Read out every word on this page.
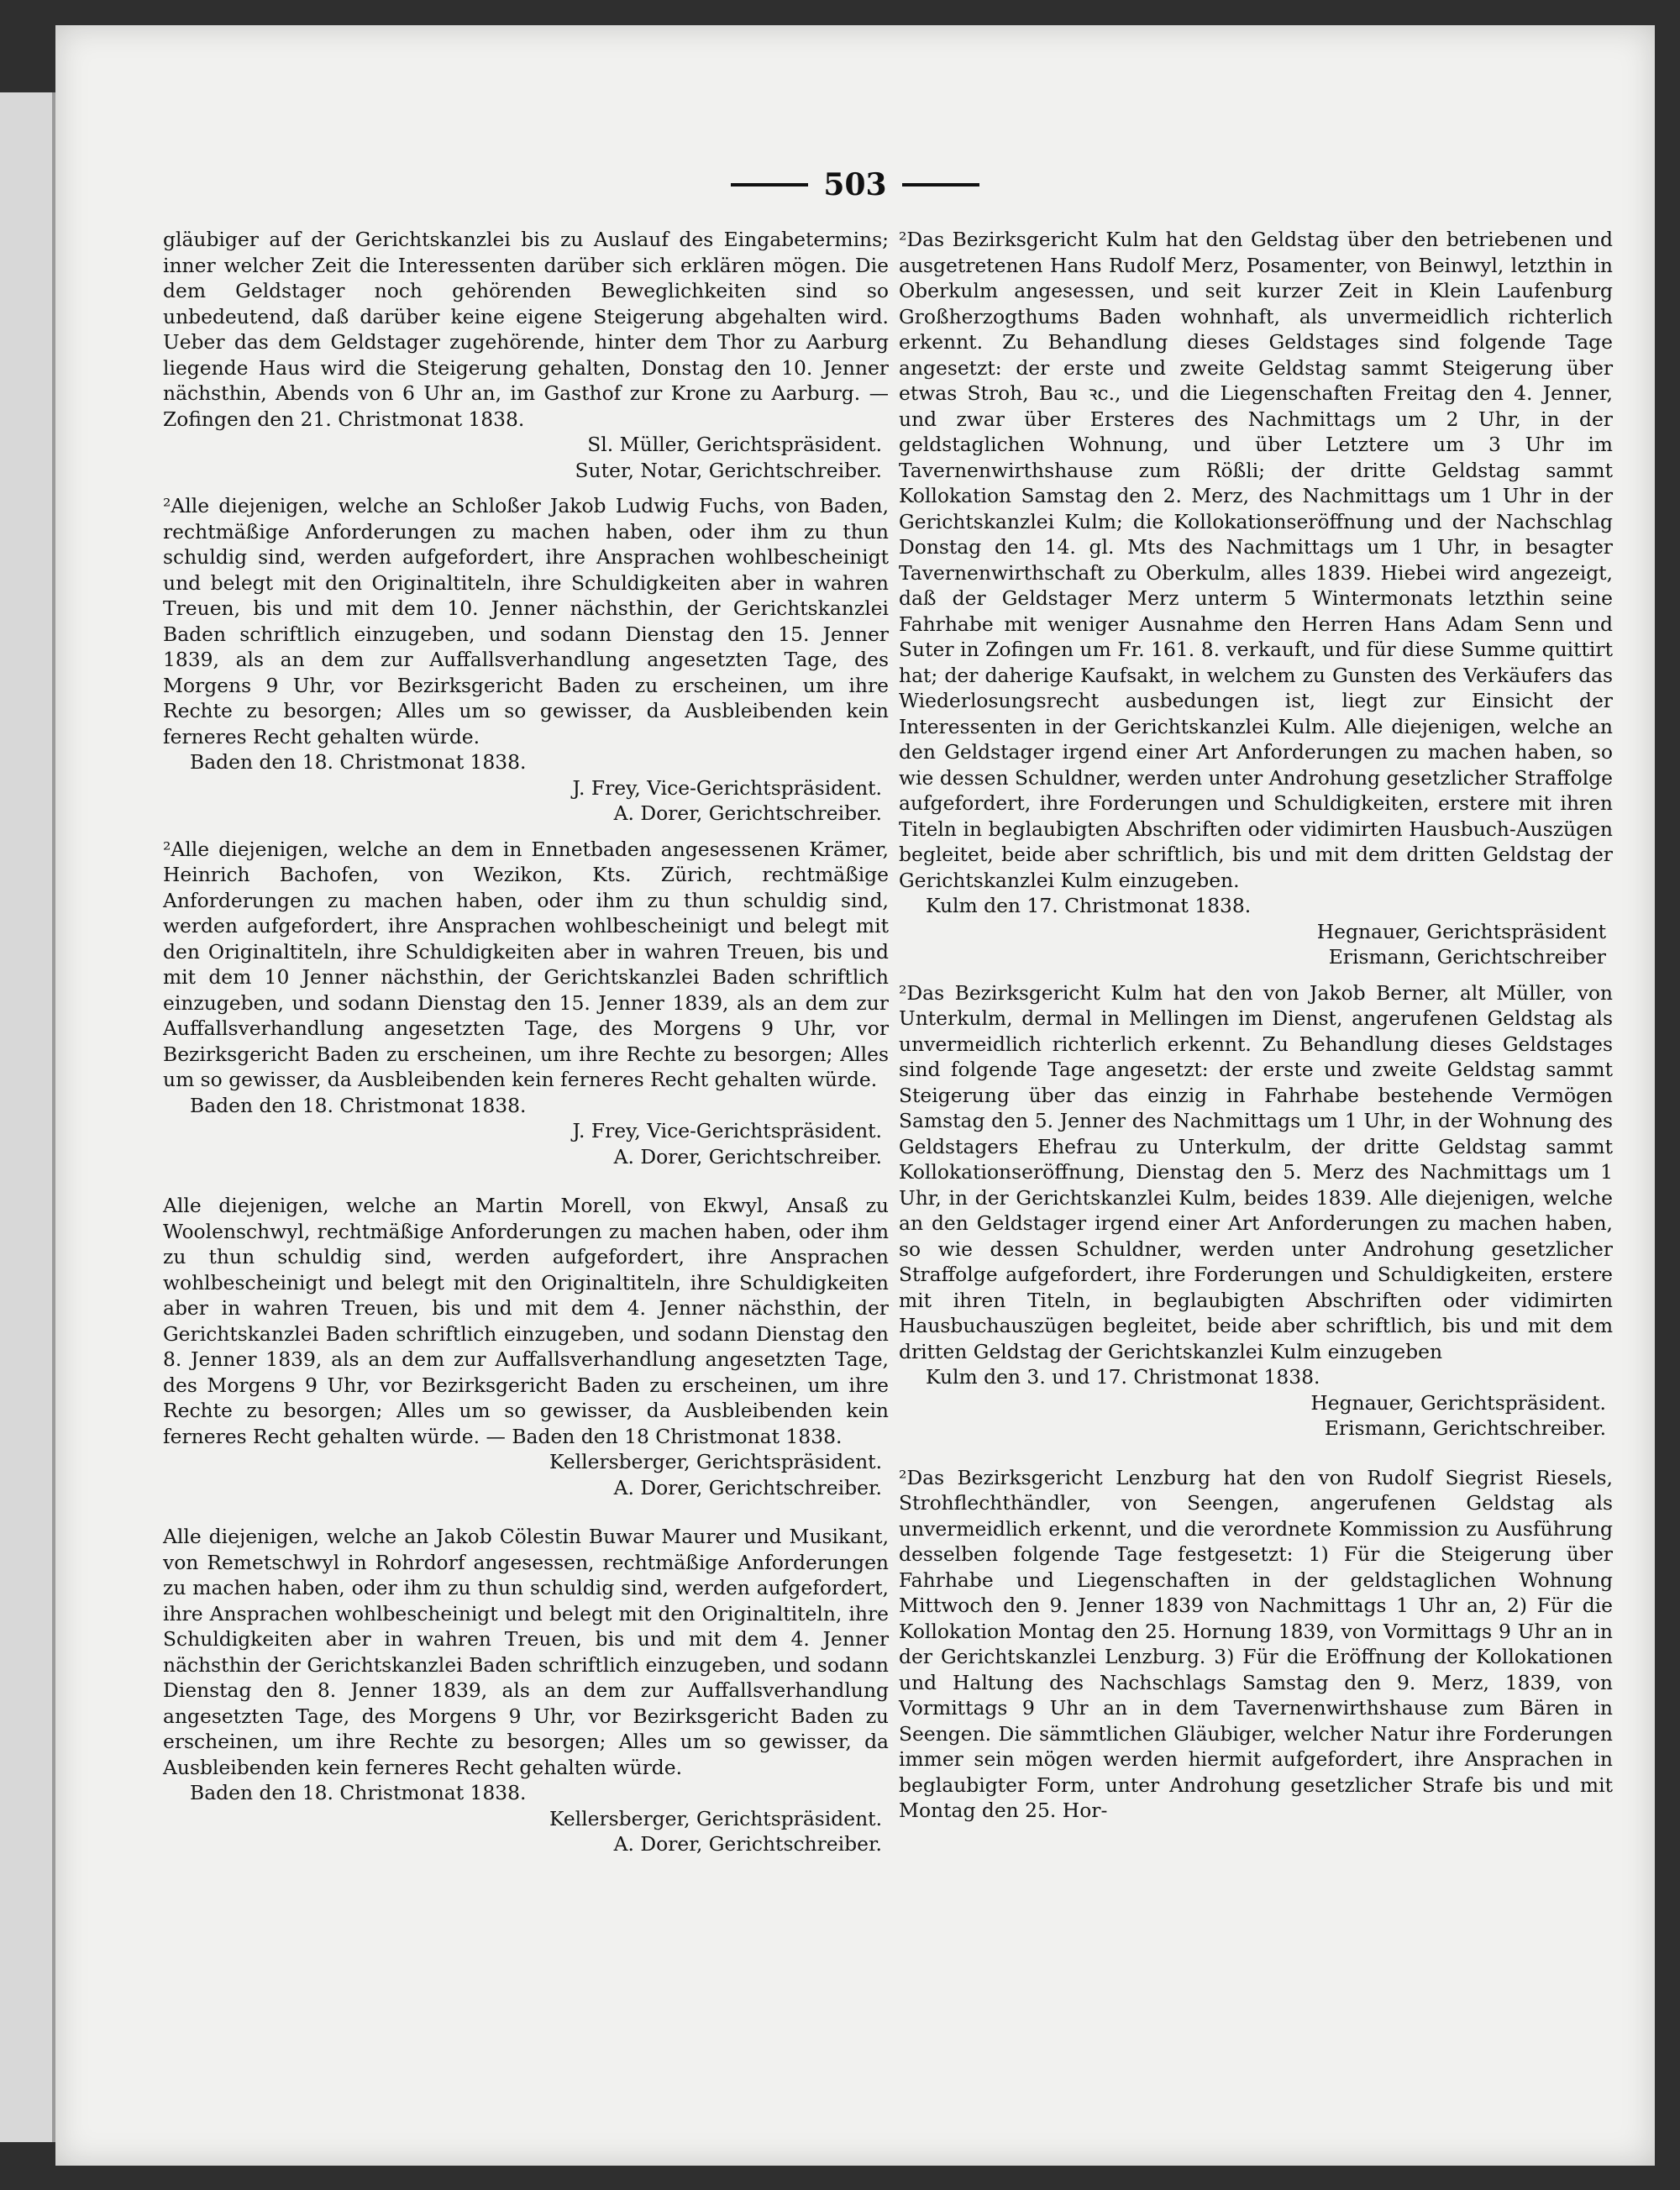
503

gläubiger auf der Gerichtskanzlei bis zu Auslauf des Eingabetermins; inner welcher Zeit die Interessenten darüber sich erklären mögen. Die dem Geldstager noch gehörenden Beweglichkeiten sind so unbedeutend, daß darüber keine eigene Steigerung abgehalten wird. Ueber das dem Geldstager zugehörende, hinter dem Thor zu Aarburg liegende Haus wird die Steigerung gehalten, Donstag den 10. Jenner nächsthin, Abends von 6 Uhr an, im Gasthof zur Krone zu Aarburg. — Zofingen den 21. Christmonat 1838.

Sl. Müller, Gerichtspräsident.

Suter, Notar, Gerichtschreiber.

²Alle diejenigen, welche an Schloßer Jakob Ludwig Fuchs, von Baden, rechtmäßige Anforderungen zu machen haben, oder ihm zu thun schuldig sind, werden aufgefordert, ihre Ansprachen wohlbescheinigt und belegt mit den Originaltiteln, ihre Schuldigkeiten aber in wahren Treuen, bis und mit dem 10. Jenner nächsthin, der Gerichtskanzlei Baden schriftlich einzugeben, und sodann Dienstag den 15. Jenner 1839, als an dem zur Auffallsverhandlung angesetzten Tage, des Morgens 9 Uhr, vor Bezirksgericht Baden zu erscheinen, um ihre Rechte zu besorgen; Alles um so gewisser, da Ausbleibenden kein ferneres Recht gehalten würde.

Baden den 18. Christmonat 1838.

J. Frey, Vice-Gerichtspräsident.

A. Dorer, Gerichtschreiber.

²Alle diejenigen, welche an dem in Ennetbaden angesessenen Krämer, Heinrich Bachofen, von Wezikon, Kts. Zürich, rechtmäßige Anforderungen zu machen haben, oder ihm zu thun schuldig sind, werden aufgefordert, ihre Ansprachen wohlbescheinigt und belegt mit den Originaltiteln, ihre Schuldigkeiten aber in wahren Treuen, bis und mit dem 10 Jenner nächsthin, der Gerichtskanzlei Baden schriftlich einzugeben, und sodann Dienstag den 15. Jenner 1839, als an dem zur Auffallsverhandlung angesetzten Tage, des Morgens 9 Uhr, vor Bezirksgericht Baden zu erscheinen, um ihre Rechte zu besorgen; Alles um so gewisser, da Ausbleibenden kein ferneres Recht gehalten würde.

Baden den 18. Christmonat 1838.

J. Frey, Vice-Gerichtspräsident.

A. Dorer, Gerichtschreiber.

Alle diejenigen, welche an Martin Morell, von Ekwyl, Ansaß zu Woolenschwyl, rechtmäßige Anforderungen zu machen haben, oder ihm zu thun schuldig sind, werden aufgefordert, ihre Ansprachen wohlbescheinigt und belegt mit den Originaltiteln, ihre Schuldigkeiten aber in wahren Treuen, bis und mit dem 4. Jenner nächsthin, der Gerichtskanzlei Baden schriftlich einzugeben, und sodann Dienstag den 8. Jenner 1839, als an dem zur Auffallsverhandlung angesetzten Tage, des Morgens 9 Uhr, vor Bezirksgericht Baden zu erscheinen, um ihre Rechte zu besorgen; Alles um so gewisser, da Ausbleibenden kein ferneres Recht gehalten würde. — Baden den 18 Christmonat 1838.

Kellersberger, Gerichtspräsident.

A. Dorer, Gerichtschreiber.

Alle diejenigen, welche an Jakob Cölestin Buwar Maurer und Musikant, von Remetschwyl in Rohrdorf angesessen, rechtmäßige Anforderungen zu machen haben, oder ihm zu thun schuldig sind, werden aufgefordert, ihre Ansprachen wohlbescheinigt und belegt mit den Originaltiteln, ihre Schuldigkeiten aber in wahren Treuen, bis und mit dem 4. Jenner nächsthin der Gerichtskanzlei Baden schriftlich einzugeben, und sodann Dienstag den 8. Jenner 1839, als an dem zur Auffallsverhandlung angesetzten Tage, des Morgens 9 Uhr, vor Bezirksgericht Baden zu erscheinen, um ihre Rechte zu besorgen; Alles um so gewisser, da Ausbleibenden kein ferneres Recht gehalten würde.

Baden den 18. Christmonat 1838.

Kellersberger, Gerichtspräsident.

A. Dorer, Gerichtschreiber.

²Das Bezirksgericht Kulm hat den Geldstag über den betriebenen und ausgetretenen Hans Rudolf Merz, Posamenter, von Beinwyl, letzthin in Oberkulm angesessen, und seit kurzer Zeit in Klein Laufenburg Großherzogthums Baden wohnhaft, als unvermeidlich richterlich erkennt. Zu Behandlung dieses Geldstages sind folgende Tage angesetzt: der erste und zweite Geldstag sammt Steigerung über etwas Stroh, Bau ꝛc., und die Liegenschaften Freitag den 4. Jenner, und zwar über Ersteres des Nachmittags um 2 Uhr, in der geldstaglichen Wohnung, und über Letztere um 3 Uhr im Tavernenwirthshause zum Rößli; der dritte Geldstag sammt Kollokation Samstag den 2. Merz, des Nachmittags um 1 Uhr in der Gerichtskanzlei Kulm; die Kollokationseröffnung und der Nachschlag Donstag den 14. gl. Mts des Nachmittags um 1 Uhr, in besagter Tavernenwirthschaft zu Oberkulm, alles 1839. Hiebei wird angezeigt, daß der Geldstager Merz unterm 5 Wintermonats letzthin seine Fahrhabe mit weniger Ausnahme den Herren Hans Adam Senn und Suter in Zofingen um Fr. 161. 8. verkauft, und für diese Summe quittirt hat; der daherige Kaufsakt, in welchem zu Gunsten des Verkäufers das Wiederlosungsrecht ausbedungen ist, liegt zur Einsicht der Interessenten in der Gerichtskanzlei Kulm. Alle diejenigen, welche an den Geldstager irgend einer Art Anforderungen zu machen haben, so wie dessen Schuldner, werden unter Androhung gesetzlicher Straffolge aufgefordert, ihre Forderungen und Schuldigkeiten, erstere mit ihren Titeln in beglaubigten Abschriften oder vidimirten Hausbuch-Auszügen begleitet, beide aber schriftlich, bis und mit dem dritten Geldstag der Gerichtskanzlei Kulm einzugeben.

Kulm den 17. Christmonat 1838.

Hegnauer, Gerichtspräsident

Erismann, Gerichtschreiber

²Das Bezirksgericht Kulm hat den von Jakob Berner, alt Müller, von Unterkulm, dermal in Mellingen im Dienst, angerufenen Geldstag als unvermeidlich richterlich erkennt. Zu Behandlung dieses Geldstages sind folgende Tage angesetzt: der erste und zweite Geldstag sammt Steigerung über das einzig in Fahrhabe bestehende Vermögen Samstag den 5. Jenner des Nachmittags um 1 Uhr, in der Wohnung des Geldstagers Ehefrau zu Unterkulm, der dritte Geldstag sammt Kollokationseröffnung, Dienstag den 5. Merz des Nachmittags um 1 Uhr, in der Gerichtskanzlei Kulm, beides 1839. Alle diejenigen, welche an den Geldstager irgend einer Art Anforderungen zu machen haben, so wie dessen Schuldner, werden unter Androhung gesetzlicher Straffolge aufgefordert, ihre Forderungen und Schuldigkeiten, erstere mit ihren Titeln, in beglaubigten Abschriften oder vidimirten Hausbuchauszügen begleitet, beide aber schriftlich, bis und mit dem dritten Geldstag der Gerichtskanzlei Kulm einzugeben

Kulm den 3. und 17. Christmonat 1838.

Hegnauer, Gerichtspräsident.

Erismann, Gerichtschreiber.

²Das Bezirksgericht Lenzburg hat den von Rudolf Siegrist Riesels, Strohflechthändler, von Seengen, angerufenen Geldstag als unvermeidlich erkennt, und die verordnete Kommission zu Ausführung desselben folgende Tage festgesetzt: 1) Für die Steigerung über Fahrhabe und Liegenschaften in der geldstaglichen Wohnung Mittwoch den 9. Jenner 1839 von Nachmittags 1 Uhr an, 2) Für die Kollokation Montag den 25. Hornung 1839, von Vormittags 9 Uhr an in der Gerichtskanzlei Lenzburg. 3) Für die Eröffnung der Kollokationen und Haltung des Nachschlags Samstag den 9. Merz, 1839, von Vormittags 9 Uhr an in dem Tavernenwirthshause zum Bären in Seengen. Die sämmtlichen Gläubiger, welcher Natur ihre Forderungen immer sein mögen werden hiermit aufgefordert, ihre Ansprachen in beglaubigter Form, unter Androhung gesetzlicher Strafe bis und mit Montag den 25. Hor-
